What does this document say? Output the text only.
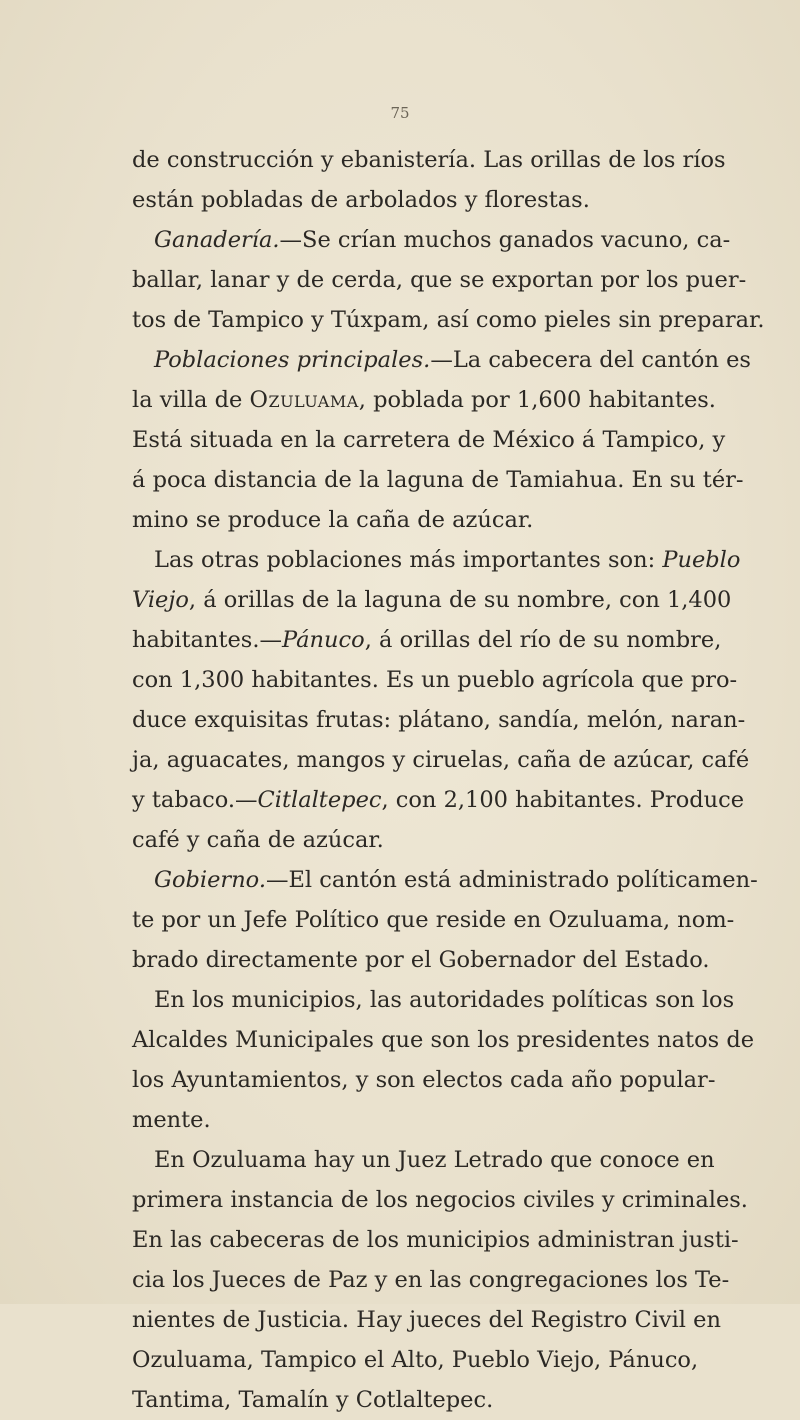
75
de construcción y ebanistería. Las orillas de los ríos
están pobladas de arbolados y florestas.
Ganadería.—Se crían muchos ganados vacuno, ca-
ballar, lanar y de cerda, que se exportan por los puer-
tos de Tampico y Túxpam, así como pieles sin preparar.
Poblaciones principales.—La cabecera del cantón es
la villa de Ozuluama, poblada por 1,600 habitantes.
Está situada en la carretera de México á Tampico, y
á poca distancia de la laguna de Tamiahua. En su tér-
mino se produce la caña de azúcar.
Las otras poblaciones más importantes son: Pueblo
Viejo, á orillas de la laguna de su nombre, con 1,400
habitantes.—Pánuco, á orillas del río de su nombre,
con 1,300 habitantes. Es un pueblo agrícola que pro-
duce exquisitas frutas: plátano, sandía, melón, naran-
ja, aguacates, mangos y ciruelas, caña de azúcar, café
y tabaco.—Citlaltepec, con 2,100 habitantes. Produce
café y caña de azúcar.
Gobierno.—El cantón está administrado políticamen-
te por un Jefe Político que reside en Ozuluama, nom-
brado directamente por el Gobernador del Estado.
En los municipios, las autoridades políticas son los
Alcaldes Municipales que son los presidentes natos de
los Ayuntamientos, y son electos cada año popular-
mente.
En Ozuluama hay un Juez Letrado que conoce en
primera instancia de los negocios civiles y criminales.
En las cabeceras de los municipios administran justi-
cia los Jueces de Paz y en las congregaciones los Te-
nientes de Justicia. Hay jueces del Registro Civil en
Ozuluama, Tampico el Alto, Pueblo Viejo, Pánuco,
Tantima, Tamalín y Cotlaltepec.
